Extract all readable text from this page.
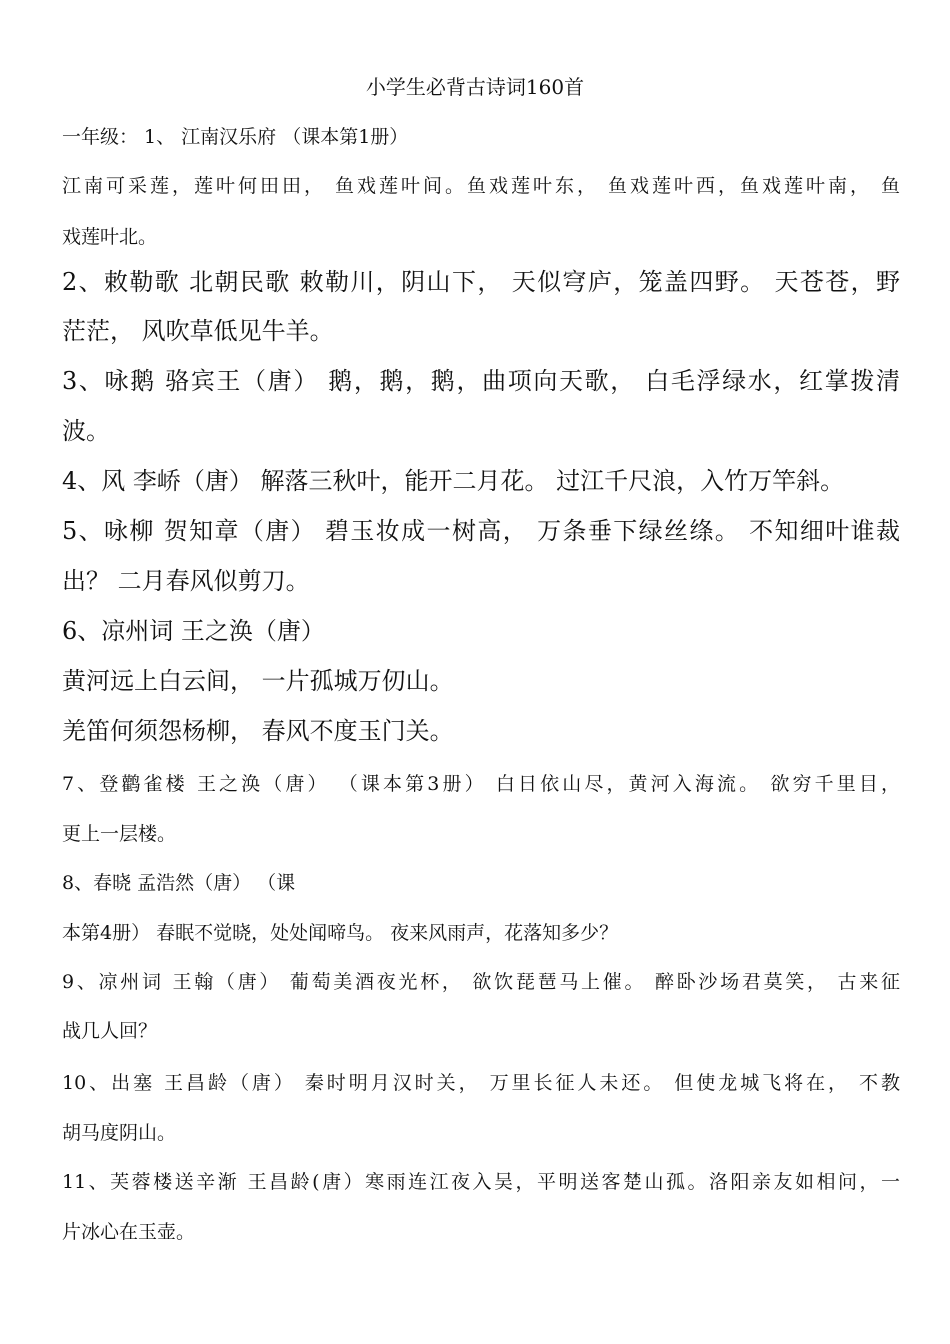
小学生必背古诗词160首
一年级： 1、 江南汉乐府 （课本第1册）
江南可采莲，莲叶何田田， 鱼戏莲叶间。鱼戏莲叶东， 鱼戏莲叶西，鱼戏莲叶南， 鱼
戏莲叶北。
2、敕勒歌 北朝民歌 敕勒川，阴山下， 天似穹庐，笼盖四野。 天苍苍，野
茫茫， 风吹草低见牛羊。
3、咏鹅 骆宾王（唐） 鹅，鹅，鹅，曲项向天歌， 白毛浮绿水，红掌拨清
波。
4、风 李峤（唐） 解落三秋叶，能开二月花。 过江千尺浪，入竹万竿斜。
5、咏柳 贺知章（唐） 碧玉妆成一树高， 万条垂下绿丝绦。 不知细叶谁裁
出？ 二月春风似剪刀。
6、凉州词 王之涣（唐）
黄河远上白云间， 一片孤城万仞山。
羌笛何须怨杨柳， 春风不度玉门关。
7、登鹳雀楼 王之涣（唐） （课本第3册） 白日依山尽，黄河入海流。 欲穷千里目，
更上一层楼。
8、春晓 孟浩然（唐） （课
本第4册） 春眠不觉晓，处处闻啼鸟。 夜来风雨声，花落知多少？
9、凉州词 王翰（唐） 葡萄美酒夜光杯， 欲饮琵琶马上催。 醉卧沙场君莫笑， 古来征
战几人回？
10、出塞 王昌龄（唐） 秦时明月汉时关， 万里长征人未还。 但使龙城飞将在， 不教
胡马度阴山。
11、芙蓉楼送辛渐 王昌龄(唐）寒雨连江夜入吴，平明送客楚山孤。洛阳亲友如相问，一
片冰心在玉壶。
